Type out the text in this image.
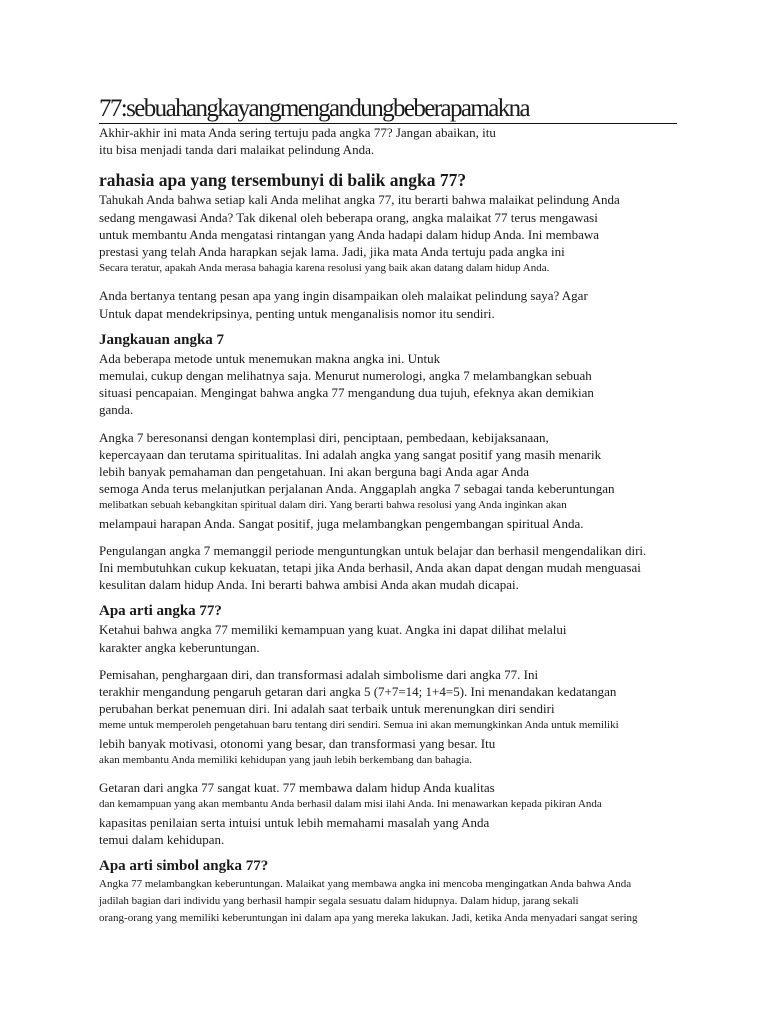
77:sebuahangkayangmengandungbeberapamakna
Akhir-akhir ini mata Anda sering tertuju pada angka 77? Jangan abaikan, itu
itu bisa menjadi tanda dari malaikat pelindung Anda.
rahasia apa yang tersembunyi di balik angka 77?
Tahukah Anda bahwa setiap kali Anda melihat angka 77, itu berarti bahwa malaikat pelindung Anda
sedang mengawasi Anda? Tak dikenal oleh beberapa orang, angka malaikat 77 terus mengawasi
untuk membantu Anda mengatasi rintangan yang Anda hadapi dalam hidup Anda. Ini membawa
prestasi yang telah Anda harapkan sejak lama. Jadi, jika mata Anda tertuju pada angka ini
Secara teratur, apakah Anda merasa bahagia karena resolusi yang baik akan datang dalam hidup Anda.
Anda bertanya tentang pesan apa yang ingin disampaikan oleh malaikat pelindung saya? Agar
Untuk dapat mendekripsinya, penting untuk menganalisis nomor itu sendiri.
Jangkauan angka 7
Ada beberapa metode untuk menemukan makna angka ini. Untuk
memulai, cukup dengan melihatnya saja. Menurut numerologi, angka 7 melambangkan sebuah
situasi pencapaian. Mengingat bahwa angka 77 mengandung dua tujuh, efeknya akan demikian
ganda.
Angka 7 beresonansi dengan kontemplasi diri, penciptaan, pembedaan, kebijaksanaan,
kepercayaan dan terutama spiritualitas. Ini adalah angka yang sangat positif yang masih menarik
lebih banyak pemahaman dan pengetahuan. Ini akan berguna bagi Anda agar Anda
semoga Anda terus melanjutkan perjalanan Anda. Anggaplah angka 7 sebagai tanda keberuntungan
melibatkan sebuah kebangkitan spiritual dalam diri. Yang berarti bahwa resolusi yang Anda inginkan akan
melampaui harapan Anda. Sangat positif, juga melambangkan pengembangan spiritual Anda.
Pengulangan angka 7 memanggil periode menguntungkan untuk belajar dan berhasil mengendalikan diri.
Ini membutuhkan cukup kekuatan, tetapi jika Anda berhasil, Anda akan dapat dengan mudah menguasai
kesulitan dalam hidup Anda. Ini berarti bahwa ambisi Anda akan mudah dicapai.
Apa arti angka 77?
Ketahui bahwa angka 77 memiliki kemampuan yang kuat. Angka ini dapat dilihat melalui
karakter angka keberuntungan.
Pemisahan, penghargaan diri, dan transformasi adalah simbolisme dari angka 77. Ini
terakhir mengandung pengaruh getaran dari angka 5 (7+7=14; 1+4=5). Ini menandakan kedatangan
perubahan berkat penemuan diri. Ini adalah saat terbaik untuk merenungkan diri sendiri
meme untuk memperoleh pengetahuan baru tentang diri sendiri. Semua ini akan memungkinkan Anda untuk memiliki
lebih banyak motivasi, otonomi yang besar, dan transformasi yang besar. Itu
akan membantu Anda memiliki kehidupan yang jauh lebih berkembang dan bahagia.
Getaran dari angka 77 sangat kuat. 77 membawa dalam hidup Anda kualitas
dan kemampuan yang akan membantu Anda berhasil dalam misi ilahi Anda. Ini menawarkan kepada pikiran Anda
kapasitas penilaian serta intuisi untuk lebih memahami masalah yang Anda
temui dalam kehidupan.
Apa arti simbol angka 77?
Angka 77 melambangkan keberuntungan. Malaikat yang membawa angka ini mencoba mengingatkan Anda bahwa Anda
jadilah bagian dari individu yang berhasil hampir segala sesuatu dalam hidupnya. Dalam hidup, jarang sekali
orang-orang yang memiliki keberuntungan ini dalam apa yang mereka lakukan. Jadi, ketika Anda menyadari sangat sering
